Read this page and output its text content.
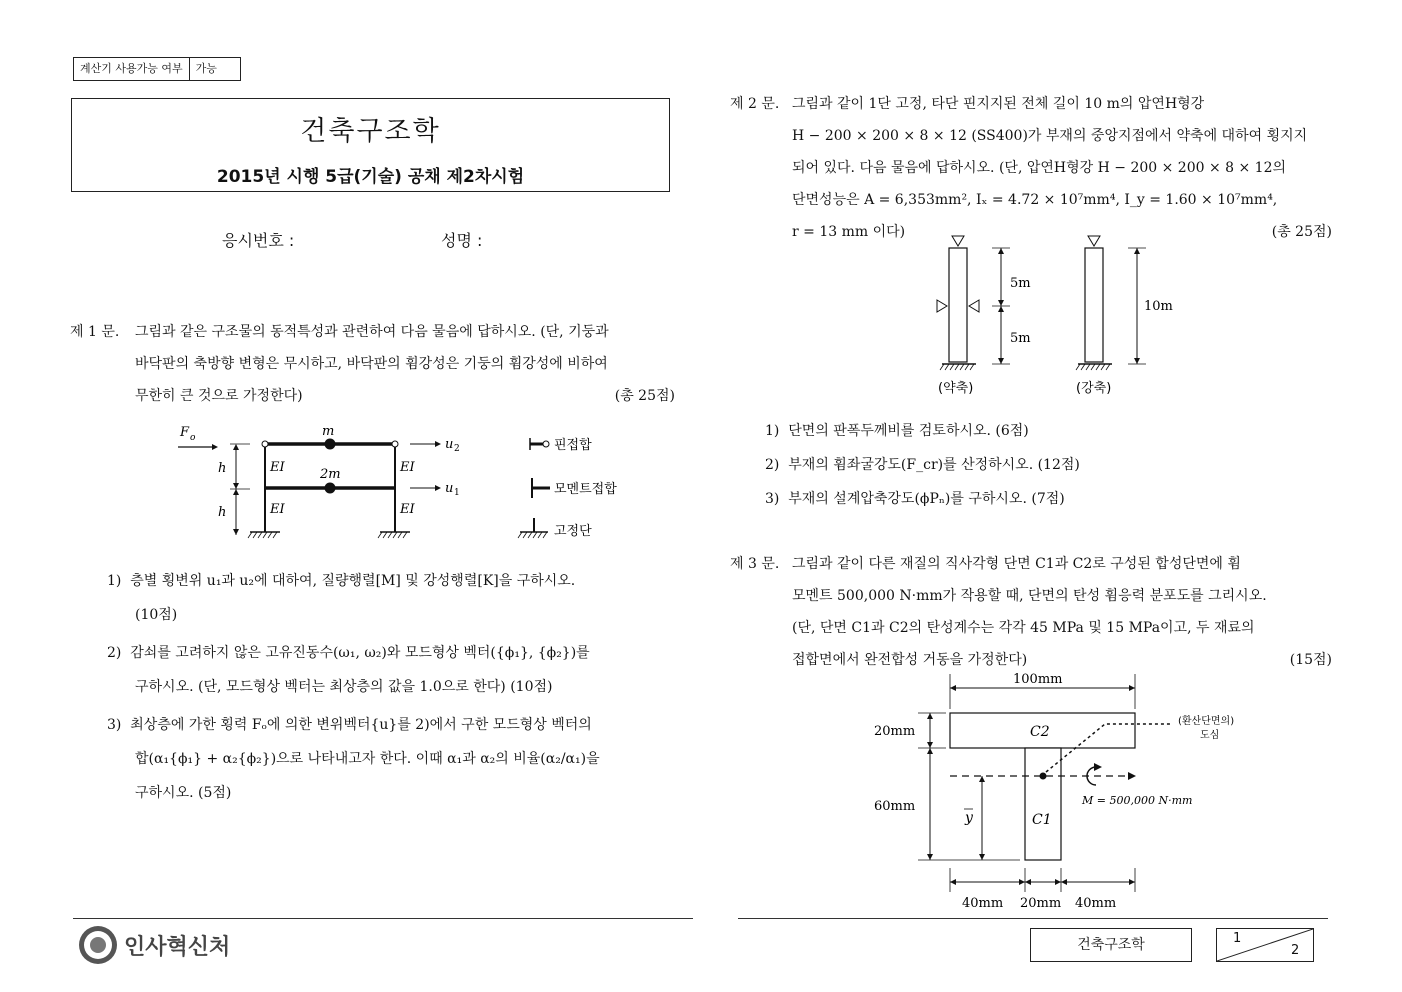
계산기 사용가능 여부	가능
건축구조학
2015년 시행 5급(기술) 공채 제2차시험
응시번호 :	성명 :
제 1 문. 그림과 같은 구조물의 동적특성과 관련하여 다음 물음에 답하시오. (단, 기둥과
바닥판의 축방향 변형은 무시하고, 바닥판의 휨강성은 기둥의 휨강성에 비하여
무한히 큰 것으로 가정한다)	(총 25점)
F o
h
h
m
2m
EI	EI
EI	EI
u 2
u 1
핀접합
모멘트접합
고정단
1) 층별 횡변위 u₁과 u₂에 대하여, 질량행렬[M] 및 강성행렬[K]을 구하시오.
(10점)
2) 감쇠를 고려하지 않은 고유진동수(ω₁, ω₂)와 모드형상 벡터({ϕ₁}, {ϕ₂})를
구하시오. (단, 모드형상 벡터는 최상층의 값을 1.0으로 한다) (10점)
3) 최상층에 가한 횡력 Fₒ에 의한 변위벡터{u}를 2)에서 구한 모드형상 벡터의
합(α₁{ϕ₁} + α₂{ϕ₂})으로 나타내고자 한다. 이때 α₁과 α₂의 비율(α₂/α₁)을
구하시오. (5점)
제 2 문. 그림과 같이 1단 고정, 타단 핀지지된 전체 길이 10 m의 압연H형강
H − 200 × 200 × 8 × 12 (SS400)가 부재의 중앙지점에서 약축에 대하여 횡지지
되어 있다. 다음 물음에 답하시오. (단, 압연H형강 H − 200 × 200 × 8 × 12의
단면성능은 A = 6,353mm², Iₓ = 4.72 × 10⁷mm⁴, I_y = 1.60 × 10⁷mm⁴,
r = 13 mm 이다)	(총 25점)
5m
5m
(약축)
10m
(강축)
1) 단면의 판폭두께비를 검토하시오. (6점)
2) 부재의 휨좌굴강도(F_cr)를 산정하시오. (12점)
3) 부재의 설계압축강도(ϕPₙ)를 구하시오. (7점)
제 3 문. 그림과 같이 다른 재질의 직사각형 단면 C1과 C2로 구성된 합성단면에 휨
모멘트 500,000 N·mm가 작용할 때, 단면의 탄성 휨응력 분포도를 그리시오.
(단, 단면 C1과 C2의 탄성계수는 각각 45 MPa 및 15 MPa이고, 두 재료의
접합면에서 완전합성 거동을 가정한다)	(15점)
100mm
C2
C1
20mm
60mm
y
M = 500,000 N·mm
(환산단면의)
도심
40mm 20mm 40mm
인사혁신처	건축구조학	1
2
